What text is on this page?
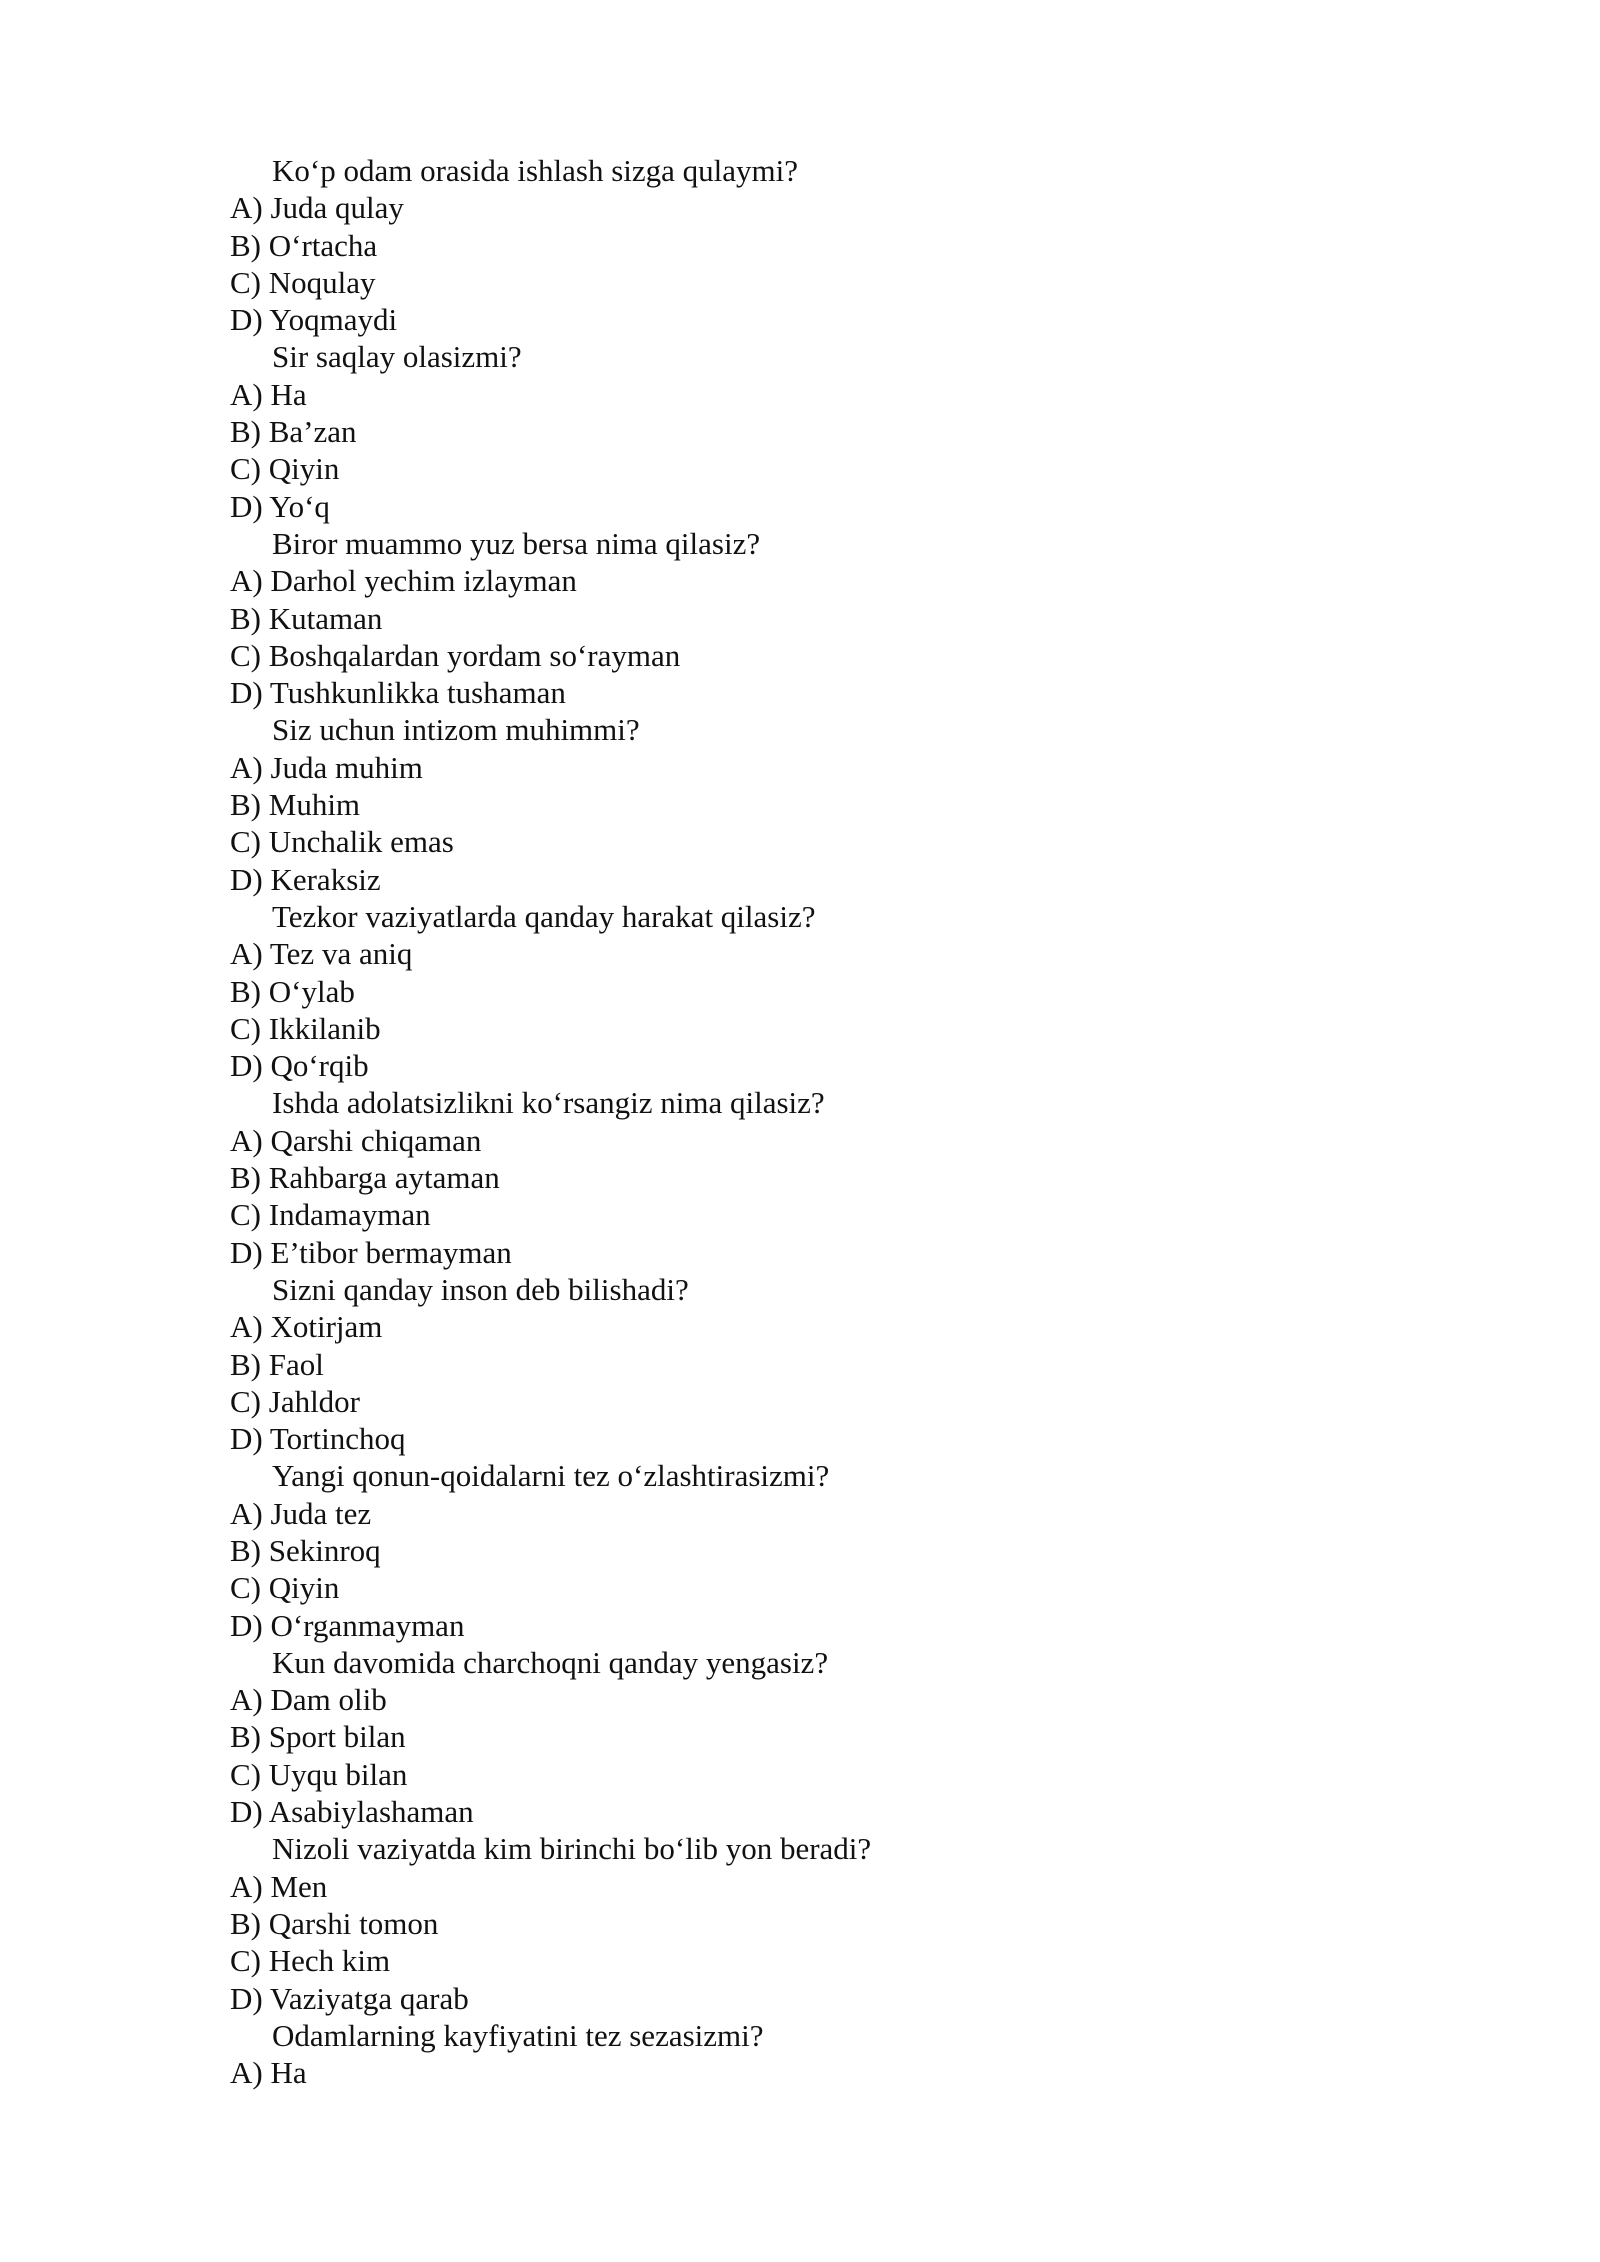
Ko‘p odam orasida ishlash sizga qulaymi?
A) Juda qulay
B) O‘rtacha
C) Noqulay
D) Yoqmaydi
Sir saqlay olasizmi?
A) Ha
B) Ba’zan
C) Qiyin
D) Yo‘q
Biror muammo yuz bersa nima qilasiz?
A) Darhol yechim izlayman
B) Kutaman
C) Boshqalardan yordam so‘rayman
D) Tushkunlikka tushaman
Siz uchun intizom muhimmi?
A) Juda muhim
B) Muhim
C) Unchalik emas
D) Keraksiz
Tezkor vaziyatlarda qanday harakat qilasiz?
A) Tez va aniq
B) O‘ylab
C) Ikkilanib
D) Qo‘rqib
Ishda adolatsizlikni ko‘rsangiz nima qilasiz?
A) Qarshi chiqaman
B) Rahbarga aytaman
C) Indamayman
D) E’tibor bermayman
Sizni qanday inson deb bilishadi?
A) Xotirjam
B) Faol
C) Jahldor
D) Tortinchoq
Yangi qonun-qoidalarni tez o‘zlashtirasizmi?
A) Juda tez
B) Sekinroq
C) Qiyin
D) O‘rganmayman
Kun davomida charchoqni qanday yengasiz?
A) Dam olib
B) Sport bilan
C) Uyqu bilan
D) Asabiylashaman
Nizoli vaziyatda kim birinchi bo‘lib yon beradi?
A) Men
B) Qarshi tomon
C) Hech kim
D) Vaziyatga qarab
Odamlarning kayfiyatini tez sezasizmi?
A) Ha
